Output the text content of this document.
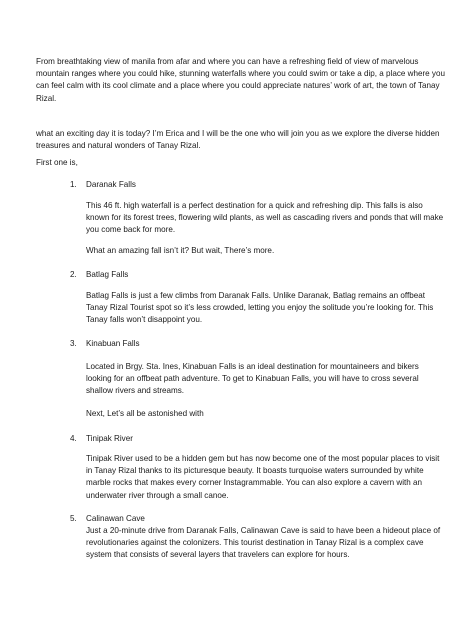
From breathtaking view of manila from afar and where you can have a refreshing field of view of marvelous mountain ranges where you could hike, stunning waterfalls where you could swim or take a dip, a place where you can feel calm with its cool climate and a place where you could appreciate natures’ work of art, the town of Tanay Rizal.

what an exciting day it is today? I’m Erica and I will be the one who will join you as we explore the diverse hidden treasures and natural wonders of Tanay Rizal.

First one is,

1. Daranak Falls

This 46 ft. high waterfall is a perfect destination for a quick and refreshing dip. This falls is also known for its forest trees, flowering wild plants, as well as cascading rivers and ponds that will make you come back for more.

What an amazing fall isn’t it? But wait, There’s more.

2. Batlag Falls

Batlag Falls is just a few climbs from Daranak Falls. Unlike Daranak, Batlag remains an offbeat Tanay Rizal Tourist spot so it’s less crowded, letting you enjoy the solitude you’re looking for. This Tanay falls won’t disappoint you.

3. Kinabuan Falls

Located in Brgy. Sta. Ines, Kinabuan Falls is an ideal destination for mountaineers and bikers looking for an offbeat path adventure. To get to Kinabuan Falls, you will have to cross several shallow rivers and streams.

Next, Let’s all be astonished with

4. Tinipak River

Tinipak River used to be a hidden gem but has now become one of the most popular places to visit in Tanay Rizal thanks to its picturesque beauty. It boasts turquoise waters surrounded by white marble rocks that makes every corner Instagrammable. You can also explore a cavern with an underwater river through a small canoe.

5. Calinawan Cave

Just a 20-minute drive from Daranak Falls, Calinawan Cave is said to have been a hideout place of revolutionaries against the colonizers. This tourist destination in Tanay Rizal is a complex cave system that consists of several layers that travelers can explore for hours.
